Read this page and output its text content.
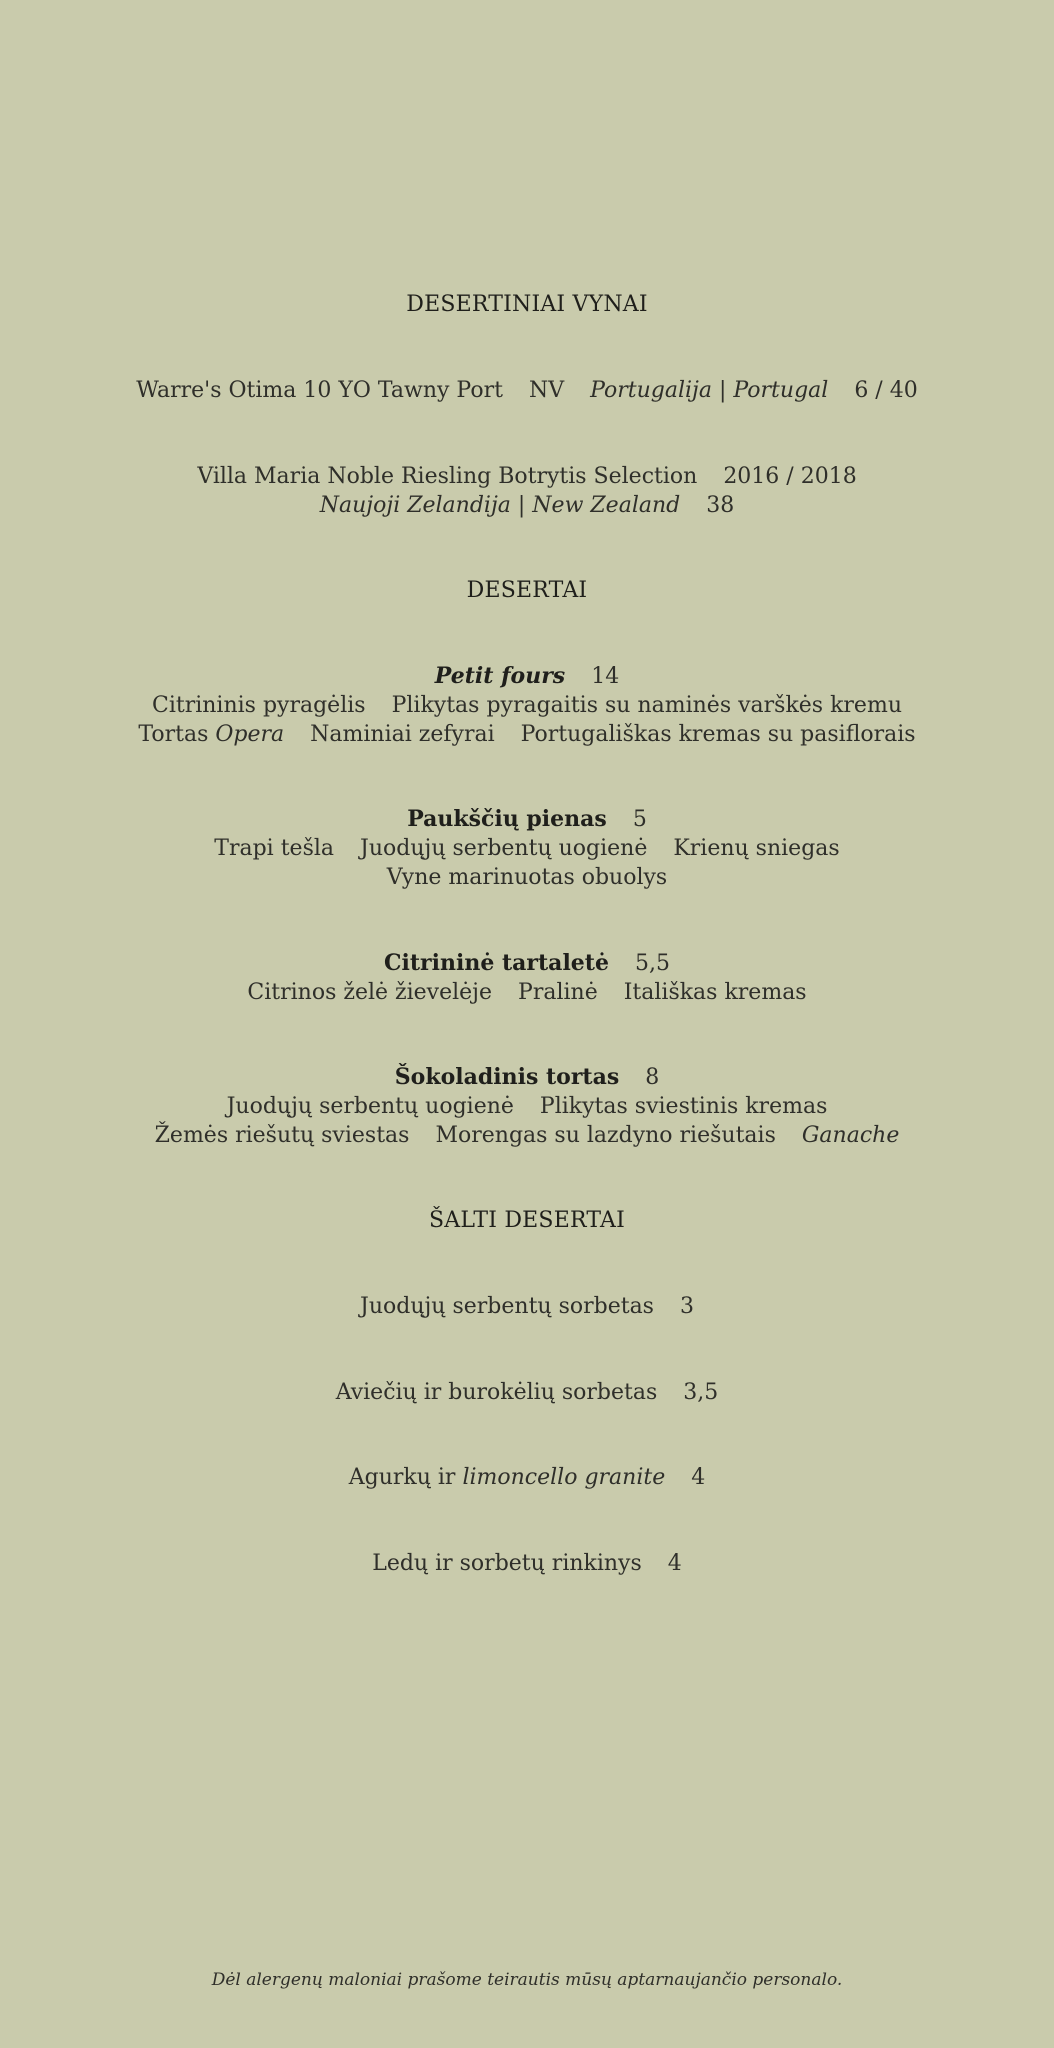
DESERTINIAI VYNAI
Warre's Otima 10 YO Tawny Port NV Portugalija | Portugal 6 / 40
Villa Maria Noble Riesling Botrytis Selection 2016 / 2018
Naujoji Zelandija | New Zealand 38
DESERTAI
Petit fours 14
Citrininis pyragėlis Plikytas pyragaitis su naminės varškės kremu
Tortas Opera Naminiai zefyrai Portugališkas kremas su pasiflorais
Paukščių pienas 5
Trapi tešla Juodųjų serbentų uogienė Krienų sniegas
Vyne marinuotas obuolys
Citrininė tartaletė 5,5
Citrinos želė žievelėje Pralinė Itališkas kremas
Šokoladinis tortas 8
Juodųjų serbentų uogienė Plikytas sviestinis kremas
Žemės riešutų sviestas Morengas su lazdyno riešutais Ganache
ŠALTI DESERTAI
Juodųjų serbentų sorbetas 3
Aviečių ir burokėlių sorbetas 3,5
Agurkų ir limoncello granite 4
Ledų ir sorbetų rinkinys 4
Dėl alergenų maloniai prašome teirautis mūsų aptarnaujančio personalo.
